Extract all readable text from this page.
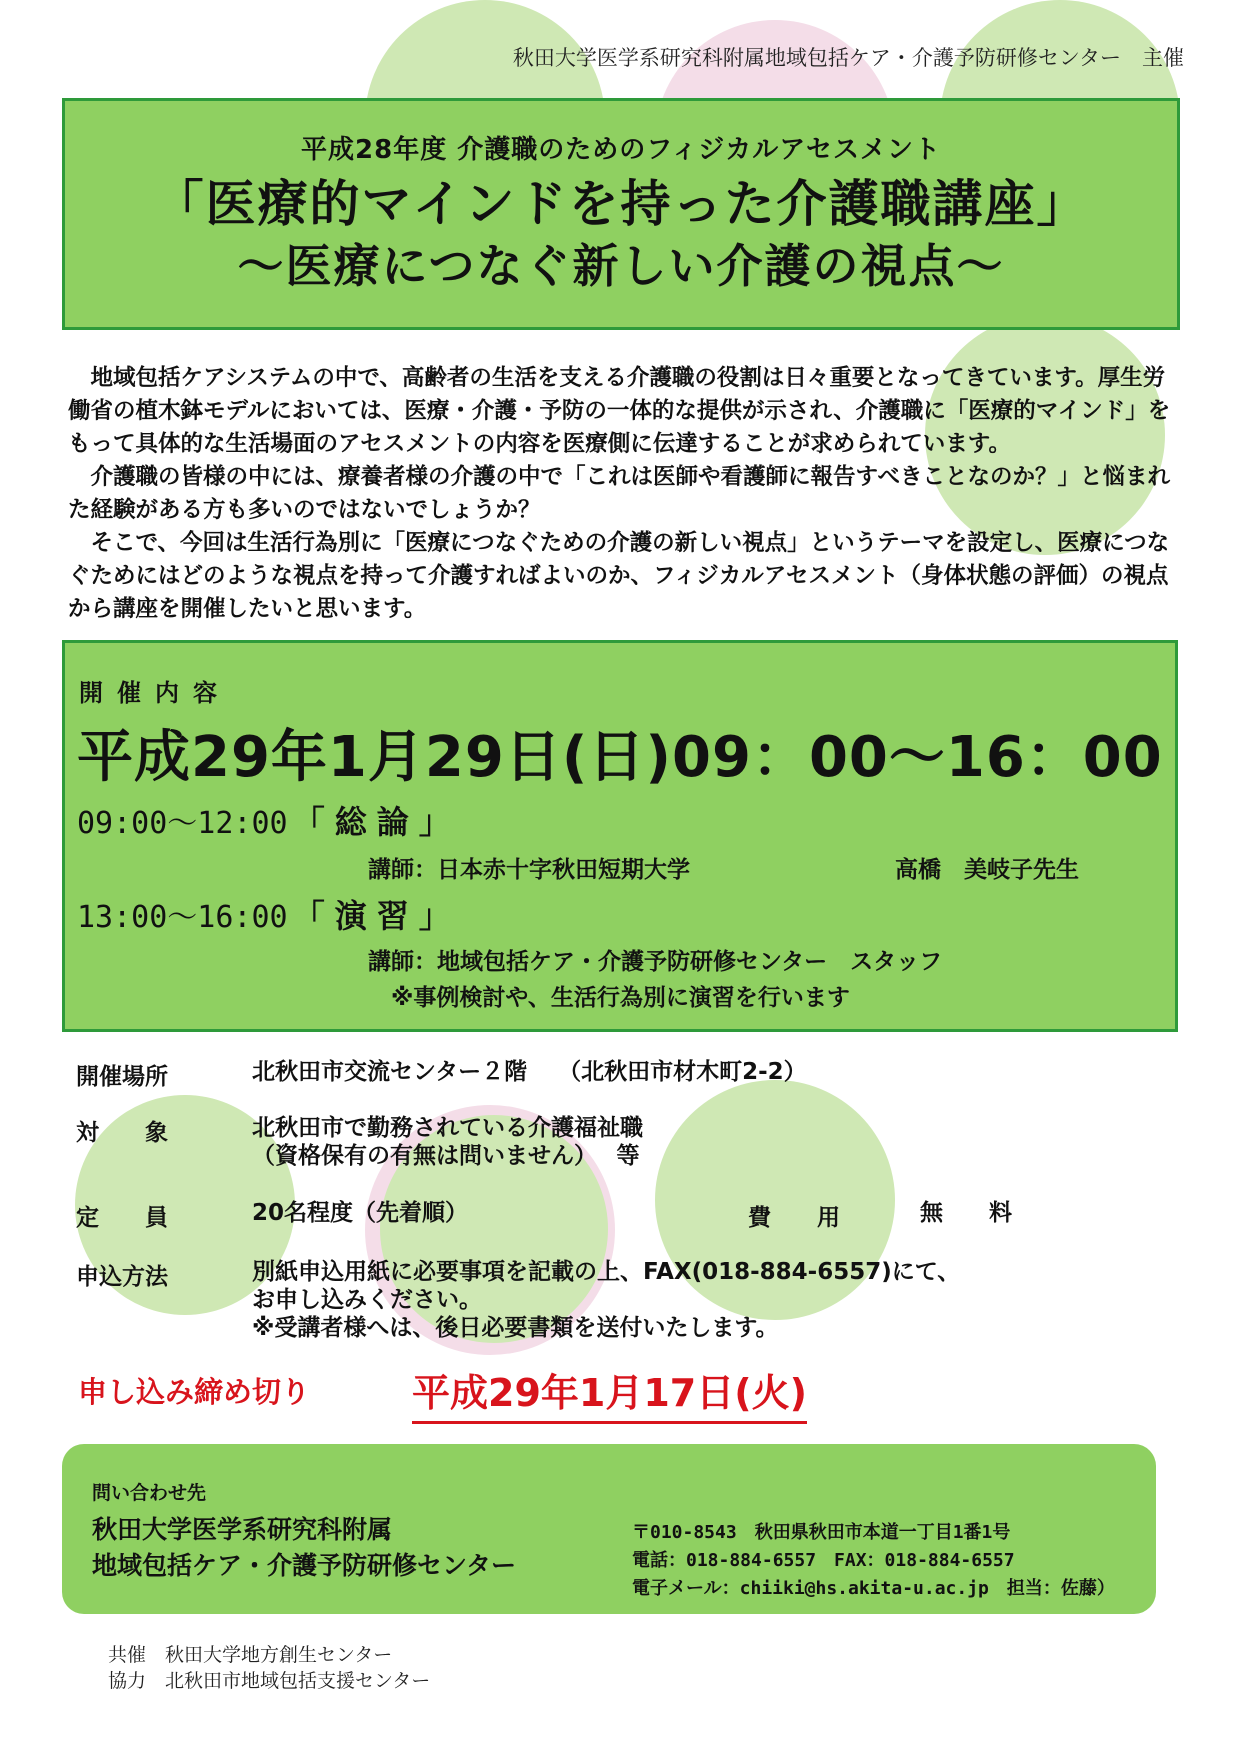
秋田大学医学系研究科附属地域包括ケア・介護予防研修センター　主催
平成28年度 介護職のためのフィジカルアセスメント
「医療的マインドを持った介護職講座」
～医療につなぐ新しい介護の視点～

　地域包括ケアシステムの中で、高齢者の生活を支える介護職の役割は日々重要となってきています。厚生労働省の植木鉢モデルにおいては、医療・介護・予防の一体的な提供が示され、介護職に「医療的マインド」をもって具体的な生活場面のアセスメントの内容を医療側に伝達することが求められています。

　介護職の皆様の中には、療養者様の介護の中で「これは医師や看護師に報告すべきことなのか？」と悩まれた経験がある方も多いのではないでしょうか？

　そこで、今回は生活行為別に「医療につなぐための介護の新しい視点」というテーマを設定し、医療につなぐためにはどのような視点を持って介護すればよいのか、フィジカルアセスメント（身体状態の評価）の視点から講座を開催したいと思います。

開催内容
平成29年1月29日(日)09：00～16：00
09:00～12:00 「総論」
講師：日本赤十字秋田短期大学	高橋　美岐子先生
13:00～16:00 「演習」
講師：地域包括ケア・介護予防研修センター　スタッフ
※事例検討や、生活行為別に演習を行います
開催場所	北秋田市交流センター２階　 （北秋田市材木町2-2）
対　　象	北秋田市で勤務されている介護福祉職
（資格保有の有無は問いません）　 等
定　　員	20名程度（先着順）	費　　用	無　　料
申込方法	別紙申込用紙に必要事項を記載の上、FAX(018-884-6557)にて、
お申し込みください。
※受講者様へは、後日必要書類を送付いたします。
申し込み締め切り	平成29年1月17日(火)
問い合わせ先
秋田大学医学系研究科附属
地域包括ケア・介護予防研修センター
〒010-8543　秋田県秋田市本道一丁目1番1号
電話：018-884-6557　FAX：018-884-6557
電子メール：chiiki@hs.akita-u.ac.jp　担当：佐藤）
共催　秋田大学地方創生センター
協力　北秋田市地域包括支援センター
